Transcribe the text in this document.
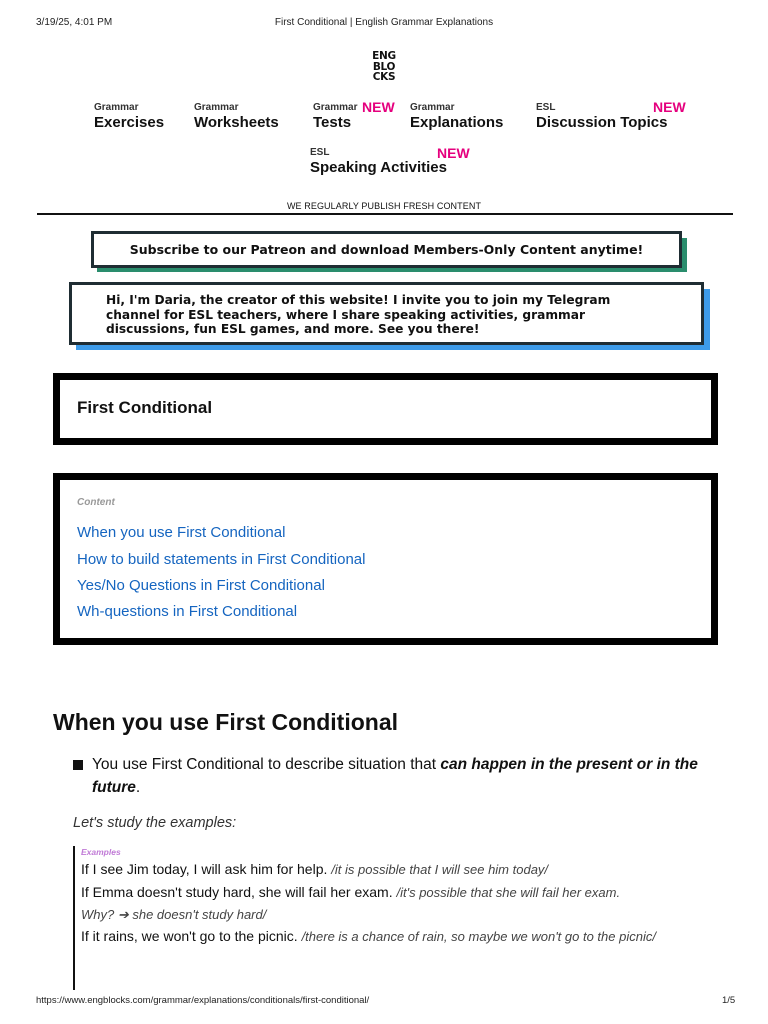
3/19/25, 4:01 PM	First Conditional | English Grammar Explanations
ENG
BLO
CKS
Grammar
Exercises
Grammar
Worksheets
Grammar
Tests
NEW Grammar
Explanations
ESL
Discussion Topics
NEW
ESL
Speaking Activities
NEW
WE REGULARLY PUBLISH FRESH CONTENT
Subscribe to our Patreon and download Members-Only Content anytime!
Hi, I'm Daria, the creator of this website! I invite you to join my Telegram channel for ESL teachers, where I share speaking activities, grammar discussions, fun ESL games, and more. See you there!
First Conditional
Content
When you use First Conditional
How to build statements in First Conditional
Yes/No Questions in First Conditional
Wh-questions in First Conditional
When you use First Conditional
You use First Conditional to describe situation that can happen in the present or in the future.
Let's study the examples:
Examples
If I see Jim today, I will ask him for help. /it is possible that I will see him today/
If Emma doesn't study hard, she will fail her exam. /it's possible that she will fail her exam.
Why? ➔ she doesn't study hard/
If it rains, we won't go to the picnic. /there is a chance of rain, so maybe we won't go to the picnic/
https://www.engblocks.com/grammar/explanations/conditionals/first-conditional/	1/5
